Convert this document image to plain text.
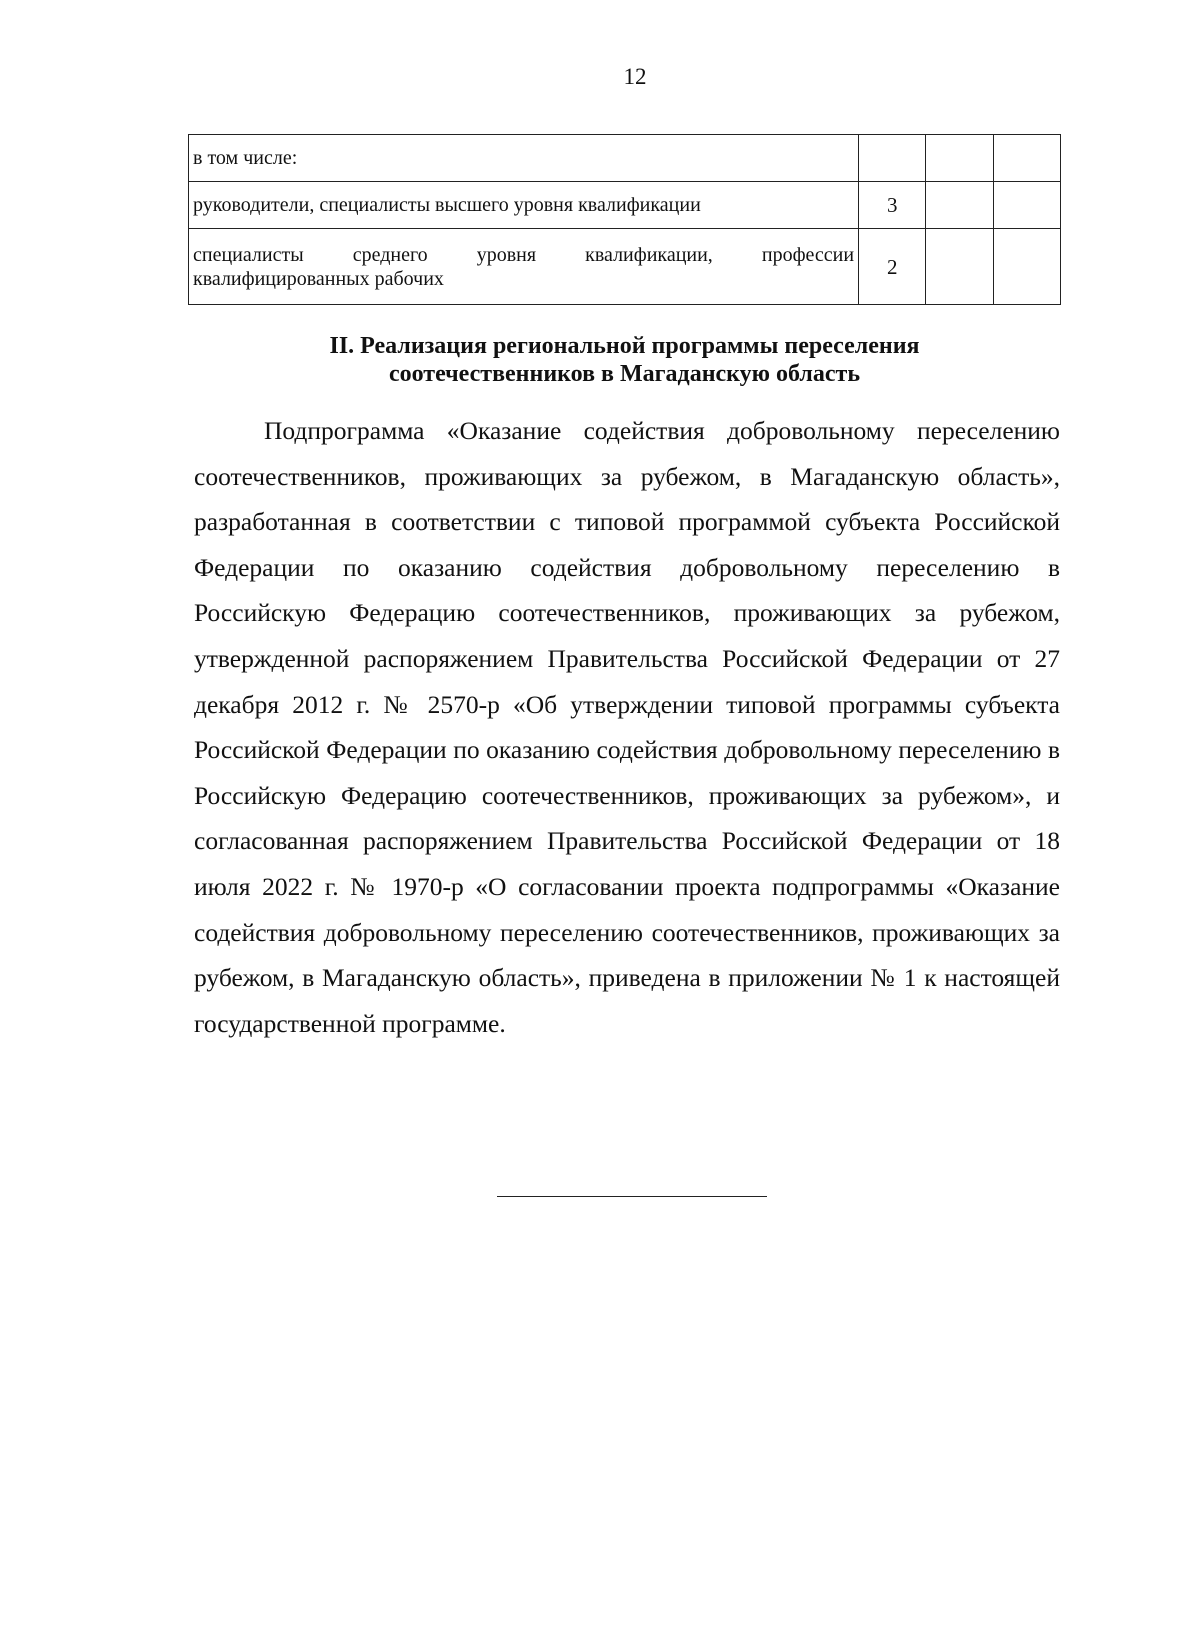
12
в том числе:			
руководители, специалисты высшего уровня квалификации	3		
специалисты среднего уровня квалификации, профессии квалифицированных рабочих	2		
II. Реализация региональной программы переселения
соотечественников в Магаданскую область

Подпрограмма «Оказание содействия добровольному переселению соотечественников, проживающих за рубежом, в Магаданскую область», разработанная в соответствии с типовой программой субъекта Российской Федерации по оказанию содействия добровольному переселению в Российскую Федерацию соотечественников, проживающих за рубежом, утвержденной распоряжением Правительства Российской Федерации от 27 декабря 2012 г. № 2570-р «Об утверждении типовой программы субъекта Российской Федерации по оказанию содействия добровольному переселению в Российскую Федерацию соотечественников, проживающих за рубежом», и согласованная распоряжением Правительства Российской Федерации от 18 июля 2022 г. № 1970-р «О согласовании проекта подпрограммы «Оказание содействия добровольному переселению соотечественников, проживающих за рубежом, в Магаданскую область», приведена в приложении № 1 к настоящей государственной программе.
